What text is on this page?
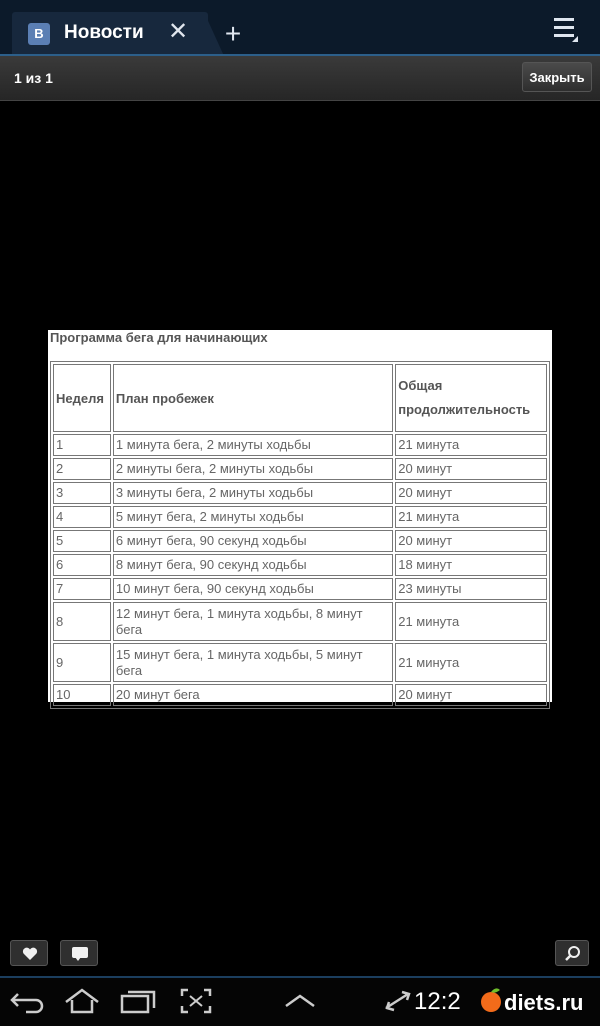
В	Новости ✕ +
1 из 1	Закрыть
Программа бега для начинающих
Неделя	План пробежек	Общая
продолжительность
1	1 минута бега, 2 минуты ходьбы	21 минута
2	2 минуты бега, 2 минуты ходьбы	20 минут
3	3 минуты бега, 2 минуты ходьбы	20 минут
4	5 минут бега, 2 минуты ходьбы	21 минута
5	6 минут бега, 90 секунд ходьбы	20 минут
6	8 минут бега, 90 секунд ходьбы	18 минут
7	10 минут бега, 90 секунд ходьбы	23 минуты
8	12 минут бега, 1 минута ходьбы, 8 минут бега	21 минута
9	15 минут бега, 1 минута ходьбы, 5 минут бега	21 минута
10	20 минут бега	20 минут
12:2 diets.ru
